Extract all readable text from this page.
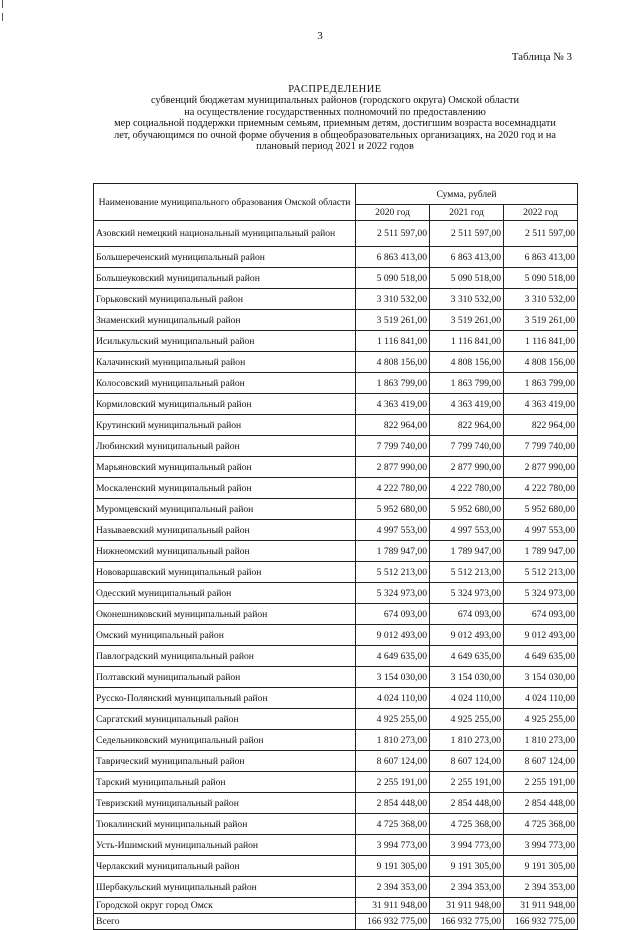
3
Таблица № 3
РАСПРЕДЕЛЕНИЕ
субвенций бюджетам муниципальных районов (городского округа) Омской области
на осуществление государственных полномочий по предоставлению
мер социальной поддержки приемным семьям, приемным детям, достигшим возраста восемнадцати
лет, обучающимся по очной форме обучения в общеобразовательных организациях, на 2020 год и на
плановый период 2021 и 2022 годов
Наименование муниципального образования Омской области	Сумма, рублей		
	2020 год	2021 год	2022 год
Азовский немецкий национальный муниципальный район	2 511 597,00	2 511 597,00	2 511 597,00
Большереченский муниципальный район	6 863 413,00	6 863 413,00	6 863 413,00
Большеуковский муниципальный район	5 090 518,00	5 090 518,00	5 090 518,00
Горьковский муниципальный район	3 310 532,00	3 310 532,00	3 310 532,00
Знаменский муниципальный район	3 519 261,00	3 519 261,00	3 519 261,00
Исилькульский муниципальный район	1 116 841,00	1 116 841,00	1 116 841,00
Калачинский муниципальный район	4 808 156,00	4 808 156,00	4 808 156,00
Колосовский муниципальный район	1 863 799,00	1 863 799,00	1 863 799,00
Кормиловский муниципальный район	4 363 419,00	4 363 419,00	4 363 419,00
Крутинский муниципальный район	822 964,00	822 964,00	822 964,00
Любинский муниципальный район	7 799 740,00	7 799 740,00	7 799 740,00
Марьяновский муниципальный район	2 877 990,00	2 877 990,00	2 877 990,00
Москаленский муниципальный район	4 222 780,00	4 222 780,00	4 222 780,00
Муромцевский муниципальный район	5 952 680,00	5 952 680,00	5 952 680,00
Называевский муниципальный район	4 997 553,00	4 997 553,00	4 997 553,00
Нижнеомский муниципальный район	1 789 947,00	1 789 947,00	1 789 947,00
Нововаршавский муниципальный район	5 512 213,00	5 512 213,00	5 512 213,00
Одесский муниципальный район	5 324 973,00	5 324 973,00	5 324 973,00
Оконешниковский муниципальный район	674 093,00	674 093,00	674 093,00
Омский муниципальный район	9 012 493,00	9 012 493,00	9 012 493,00
Павлоградский муниципальный район	4 649 635,00	4 649 635,00	4 649 635,00
Полтавский муниципальный район	3 154 030,00	3 154 030,00	3 154 030,00
Русско-Полянский муниципальный район	4 024 110,00	4 024 110,00	4 024 110,00
Саргатский муниципальный район	4 925 255,00	4 925 255,00	4 925 255,00
Седельниковский муниципальный район	1 810 273,00	1 810 273,00	1 810 273,00
Таврический муниципальный район	8 607 124,00	8 607 124,00	8 607 124,00
Тарский муниципальный район	2 255 191,00	2 255 191,00	2 255 191,00
Тевризский муниципальный район	2 854 448,00	2 854 448,00	2 854 448,00
Тюкалинский муниципальный район	4 725 368,00	4 725 368,00	4 725 368,00
Усть-Ишимский муниципальный район	3 994 773,00	3 994 773,00	3 994 773,00
Черлакский муниципальный район	9 191 305,00	9 191 305,00	9 191 305,00
Шербакульский муниципальный район	2 394 353,00	2 394 353,00	2 394 353,00
Городской округ город Омск	31 911 948,00	31 911 948,00	31 911 948,00
Всего	166 932 775,00	166 932 775,00	166 932 775,00
